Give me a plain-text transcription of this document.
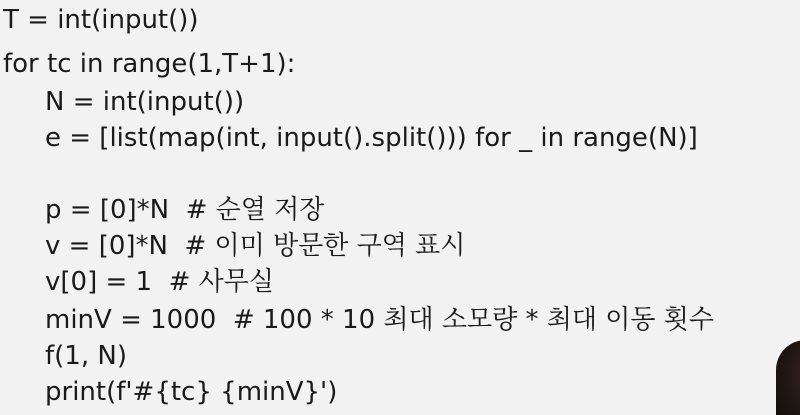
T = int(input())
for tc in range(1,T+1):
N = int(input())
e = [list(map(int, input().split())) for _ in range(N)]
p = [0]*N  # 순열 저장
v = [0]*N  # 이미 방문한 구역 표시
v[0] = 1  # 사무실
minV = 1000  # 100 * 10 최대 소모량 * 최대 이동 횟수
f(1, N)
print(f'#{tc} {minV}')
